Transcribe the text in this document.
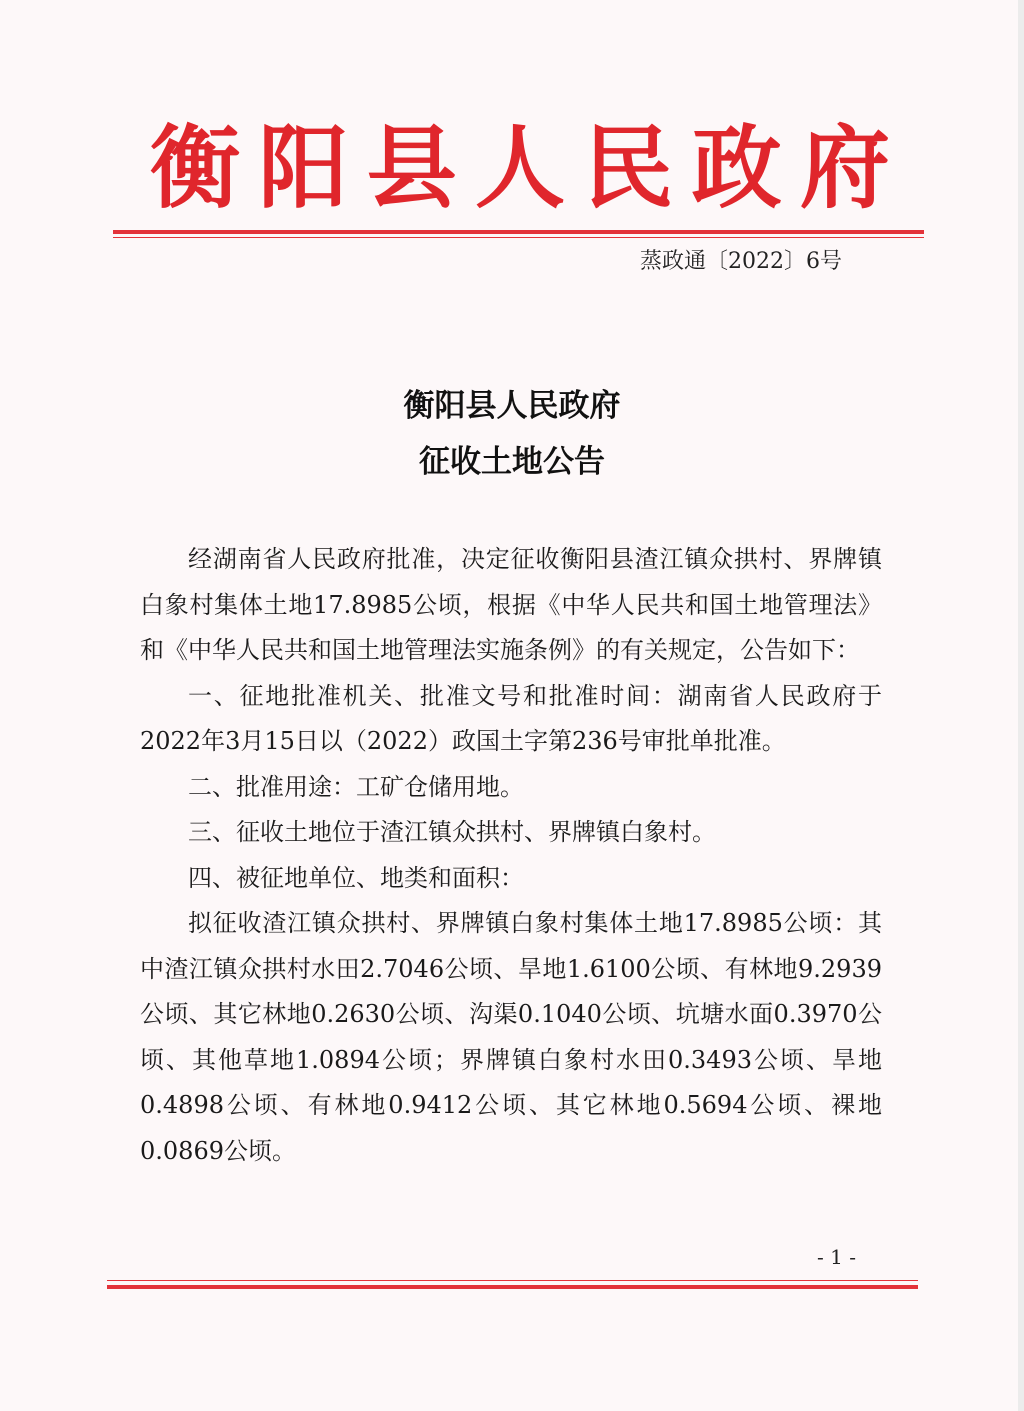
衡 阳 县 人 民 政 府
蒸政通〔2022〕6号
衡阳县人民政府
征收土地公告

经湖南省人民政府批准，决定征收衡阳县渣江镇众拱村、界牌镇白象村集体土地17.8985公顷，根据《中华人民共和国土地管理法》和《中华人民共和国土地管理法实施条例》的有关规定，公告如下：

一、征地批准机关、批准文号和批准时间：湖南省人民政府于2022年3月15日以（2022）政国土字第236号审批单批准。

二、批准用途：工矿仓储用地。

三、征收土地位于渣江镇众拱村、界牌镇白象村。

四、被征地单位、地类和面积：

拟征收渣江镇众拱村、界牌镇白象村集体土地17.8985公顷：其中渣江镇众拱村水田2.7046公顷、旱地1.6100公顷、有林地9.2939公顷、其它林地0.2630公顷、沟渠0.1040公顷、坑塘水面0.3970公顷、其他草地1.0894公顷；界牌镇白象村水田0.3493公顷、旱地0.4898公顷、有林地0.9412公顷、其它林地0.5694公顷、裸地0.0869公顷。

- 1 -
